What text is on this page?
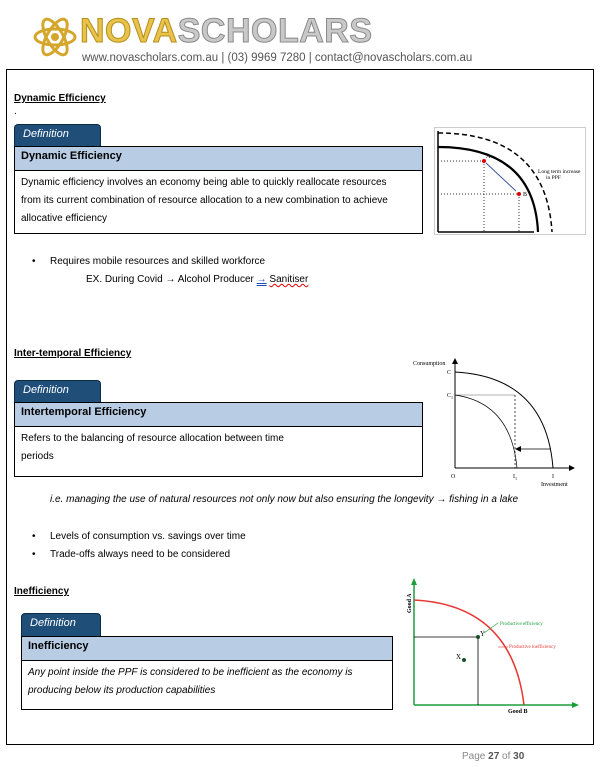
NOVASCHOLARS
www.novascholars.com.au | (03) 9969 7280 | contact@novascholars.com.au
Dynamic Efficiency
.
Definition
Dynamic Efficiency
Dynamic efficiency involves an economy being able to quickly reallocate resources
from its current combination of resource allocation to a new combination to achieve
allocative efficiency
A
B
Long term increase
in PPF
• Requires mobile resources and skilled workforce
EX. During Covid → Alcohol Producer → Sanitiser
Inter-temporal Efficiency
Definition
Intertemporal Efficiency
Refers to the balancing of resource allocation between time
periods
Consumption
C
$C_1$
O	$I_1$	I
Investment
i.e. managing the use of natural resources not only now but also ensuring the longevity → fishing in a lake
• Levels of consumption vs. savings over time
• Trade-offs always need to be considered
Inefficiency
Definition
Inefficiency
Any point inside the PPF is considered to be inefficient as the economy is
producing below its production capabilities
Good A
Y
X
Productive efficiency
Productive inefficiency
Good B
Page 27 of 30
